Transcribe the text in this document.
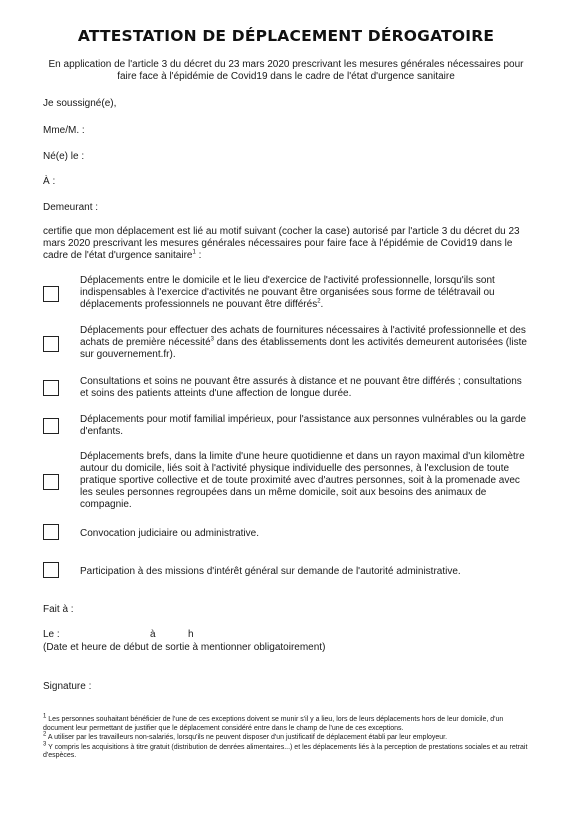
ATTESTATION DE DÉPLACEMENT DÉROGATOIRE
En application de l'article 3 du décret du 23 mars 2020 prescrivant les mesures générales nécessaires pour faire face à l'épidémie de Covid19 dans le cadre de l'état d'urgence sanitaire
Je soussigné(e),
Mme/M. :
Né(e) le :
À :
Demeurant :
certifie que mon déplacement est lié au motif suivant (cocher la case) autorisé par l'article 3 du décret du 23 mars 2020 prescrivant les mesures générales nécessaires pour faire face à l'épidémie de Covid19 dans le cadre de l'état d'urgence sanitaire$^1$ :
Déplacements entre le domicile et le lieu d'exercice de l'activité professionnelle, lorsqu'ils sont indispensables à l'exercice d'activités ne pouvant être organisées sous forme de télétravail ou déplacements professionnels ne pouvant être différés$^2$.
Déplacements pour effectuer des achats de fournitures nécessaires à l'activité professionnelle et des achats de première nécessité$^3$ dans des établissements dont les activités demeurent autorisées (liste sur gouvernement.fr).
Consultations et soins ne pouvant être assurés à distance et ne pouvant être différés ; consultations et soins des patients atteints d'une affection de longue durée.
Déplacements pour motif familial impérieux, pour l'assistance aux personnes vulnérables ou la garde d'enfants.
Déplacements brefs, dans la limite d'une heure quotidienne et dans un rayon maximal d'un kilomètre autour du domicile, liés soit à l'activité physique individuelle des personnes, à l'exclusion de toute pratique sportive collective et de toute proximité avec d'autres personnes, soit à la promenade avec les seules personnes regroupées dans un même domicile, soit aux besoins des animaux de compagnie.
Convocation judiciaire ou administrative.
Participation à des missions d'intérêt général sur demande de l'autorité administrative.
Fait à :
Le :	à	h
(Date et heure de début de sortie à mentionner obligatoirement)
Signature :

$^1$ Les personnes souhaitant bénéficier de l'une de ces exceptions doivent se munir s'il y a lieu, lors de leurs déplacements hors de leur domicile, d'un document leur permettant de justifier que le déplacement considéré entre dans le champ de l'une de ces exceptions.

$^2$ A utiliser par les travailleurs non-salariés, lorsqu'ils ne peuvent disposer d'un justificatif de déplacement établi par leur employeur.

$^3$ Y compris les acquisitions à titre gratuit (distribution de denrées alimentaires...) et les déplacements liés à la perception de prestations sociales et au retrait d'espèces.
